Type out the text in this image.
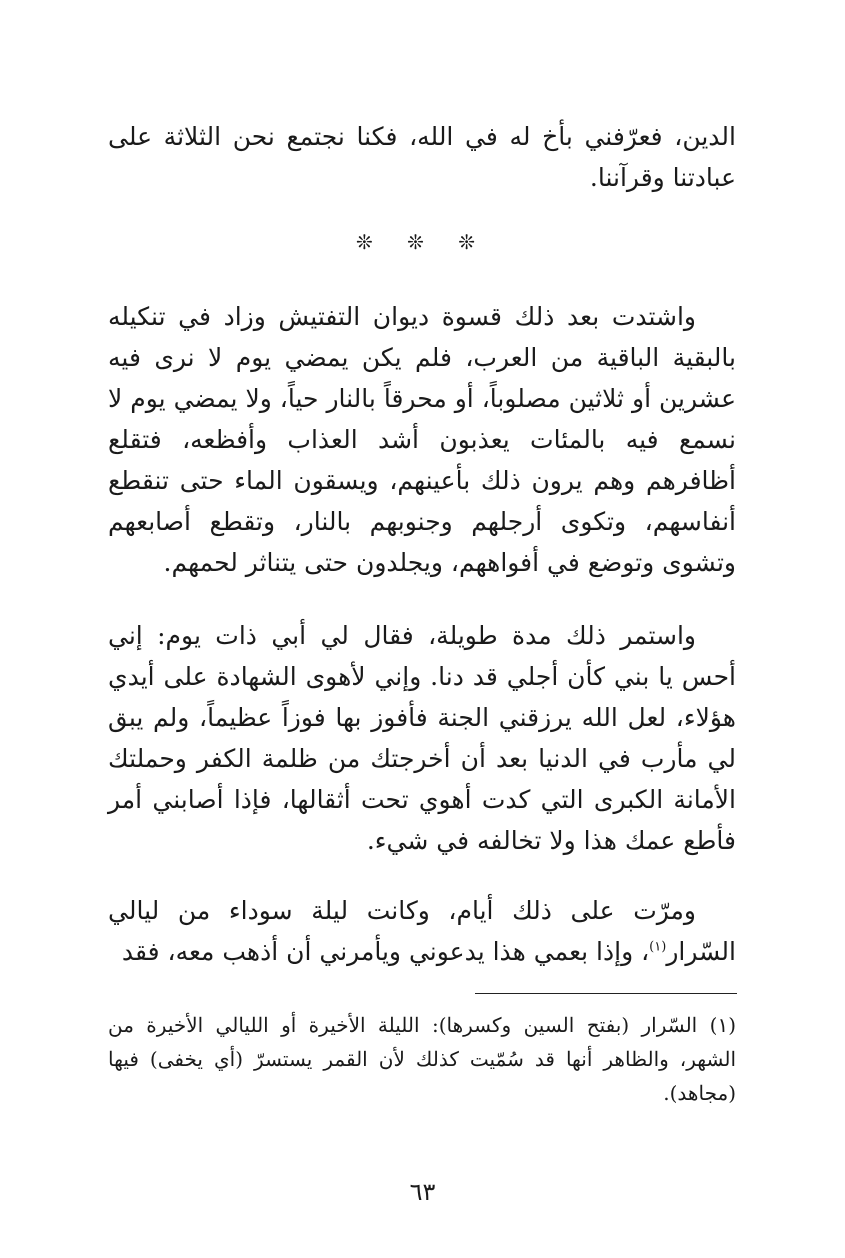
الدين، فعرّفني بأخ له في الله، فكنا نجتمع نحن الثلاثة على عبادتنا وقرآننا.

❊ ❊ ❊

واشتدت بعد ذلك قسوة ديوان التفتيش وزاد في تنكيله بالبقية الباقية من العرب، فلم يكن يمضي يوم لا نرى فيه عشرين أو ثلاثين مصلوباً، أو محرقاً بالنار حياً، ولا يمضي يوم لا نسمع فيه بالمئات يعذبون أشد العذاب وأفظعه، فتقلع أظافرهم وهم يرون ذلك بأعينهم، ويسقون الماء حتى تنقطع أنفاسهم، وتكوى أرجلهم وجنوبهم بالنار، وتقطع أصابعهم وتشوى وتوضع في أفواههم، ويجلدون حتى يتناثر لحمهم.

واستمر ذلك مدة طويلة، فقال لي أبي ذات يوم: إني أحس يا بني كأن أجلي قد دنا. وإني لأهوى الشهادة على أيدي هؤلاء، لعل الله يرزقني الجنة فأفوز بها فوزاً عظيماً، ولم يبق لي مأرب في الدنيا بعد أن أخرجتك من ظلمة الكفر وحملتك الأمانة الكبرى التي كدت أهوي تحت أثقالها، فإذا أصابني أمر فأطع عمك هذا ولا تخالفه في شيء.

ومرّت على ذلك أيام، وكانت ليلة سوداء من ليالي السّرار$^{(١)}$، وإذا بعمي هذا يدعوني ويأمرني أن أذهب معه، فقد

(١) السّرار (بفتح السين وكسرها): الليلة الأخيرة أو الليالي الأخيرة من الشهر، والظاهر أنها قد سُمّيت كذلك لأن القمر يستسرّ (أي يخفى) فيها (مجاهد).
٦٣
